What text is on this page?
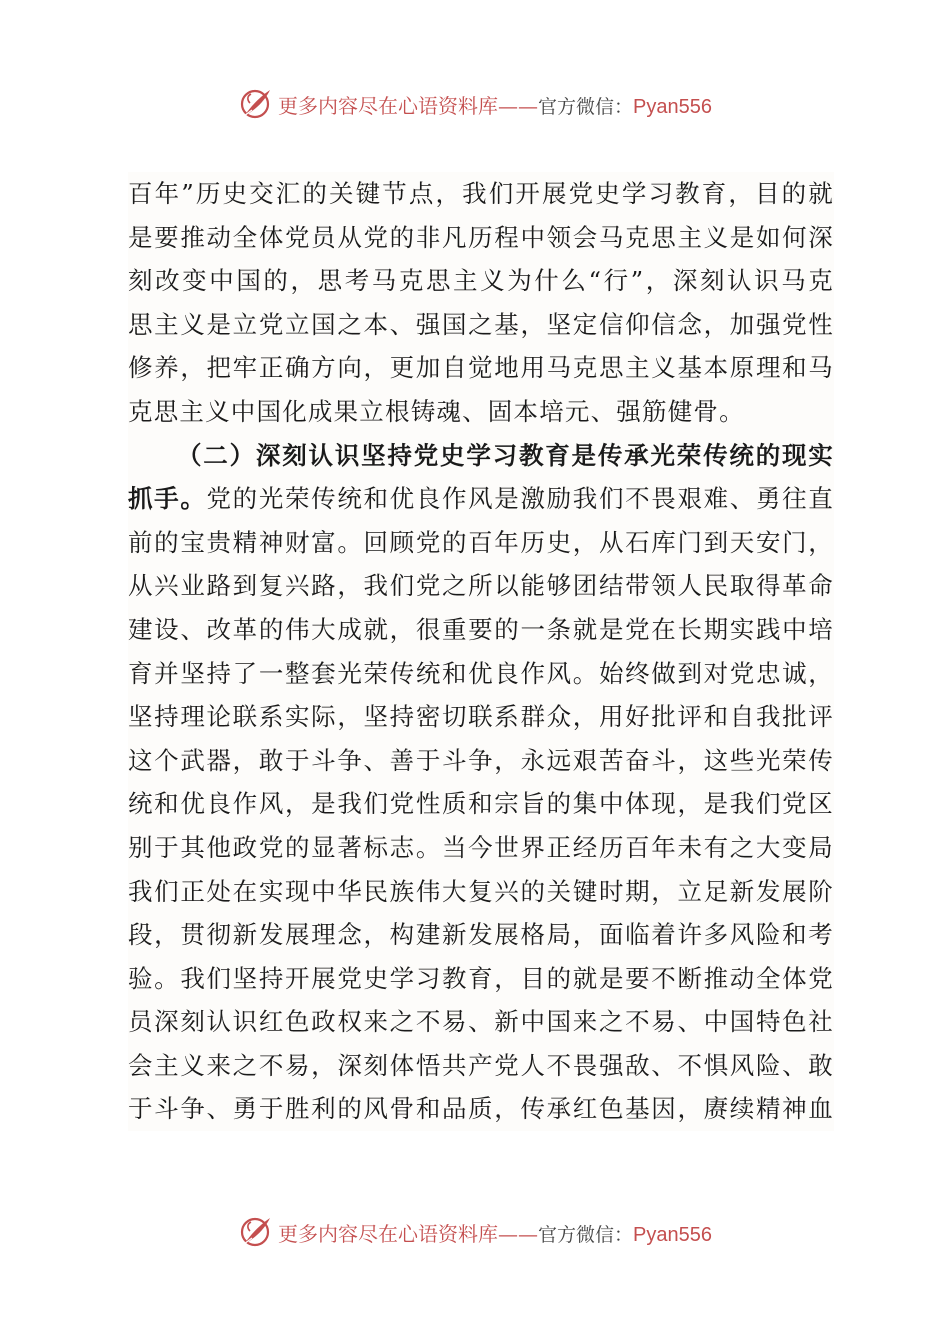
更多内容尽在心语资料库——官方微信：Pyan556

百年”历史交汇的关键节点，我们开展党史学习教育，目的就

是要推动全体党员从党的非凡历程中领会马克思主义是如何深

刻改变中国的，思考马克思主义为什么“行”，深刻认识马克

思主义是立党立国之本、强国之基，坚定信仰信念，加强党性

修养，把牢正确方向，更加自觉地用马克思主义基本原理和马

克思主义中国化成果立根铸魂、固本培元、强筋健骨。

（二）深刻认识坚持党史学习教育是传承光荣传统的现实

抓手。党的光荣传统和优良作风是激励我们不畏艰难、勇往直

前的宝贵精神财富。回顾党的百年历史，从石库门到天安门，

从兴业路到复兴路，我们党之所以能够团结带领人民取得革命

建设、改革的伟大成就，很重要的一条就是党在长期实践中培

育并坚持了一整套光荣传统和优良作风。始终做到对党忠诚，

坚持理论联系实际，坚持密切联系群众，用好批评和自我批评

这个武器，敢于斗争、善于斗争，永远艰苦奋斗，这些光荣传

统和优良作风，是我们党性质和宗旨的集中体现，是我们党区

别于其他政党的显著标志。当今世界正经历百年未有之大变局

我们正处在实现中华民族伟大复兴的关键时期，立足新发展阶

段，贯彻新发展理念，构建新发展格局，面临着许多风险和考

验。我们坚持开展党史学习教育，目的就是要不断推动全体党

员深刻认识红色政权来之不易、新中国来之不易、中国特色社

会主义来之不易，深刻体悟共产党人不畏强敌、不惧风险、敢

于斗争、勇于胜利的风骨和品质，传承红色基因，赓续精神血

更多内容尽在心语资料库——官方微信：Pyan556
